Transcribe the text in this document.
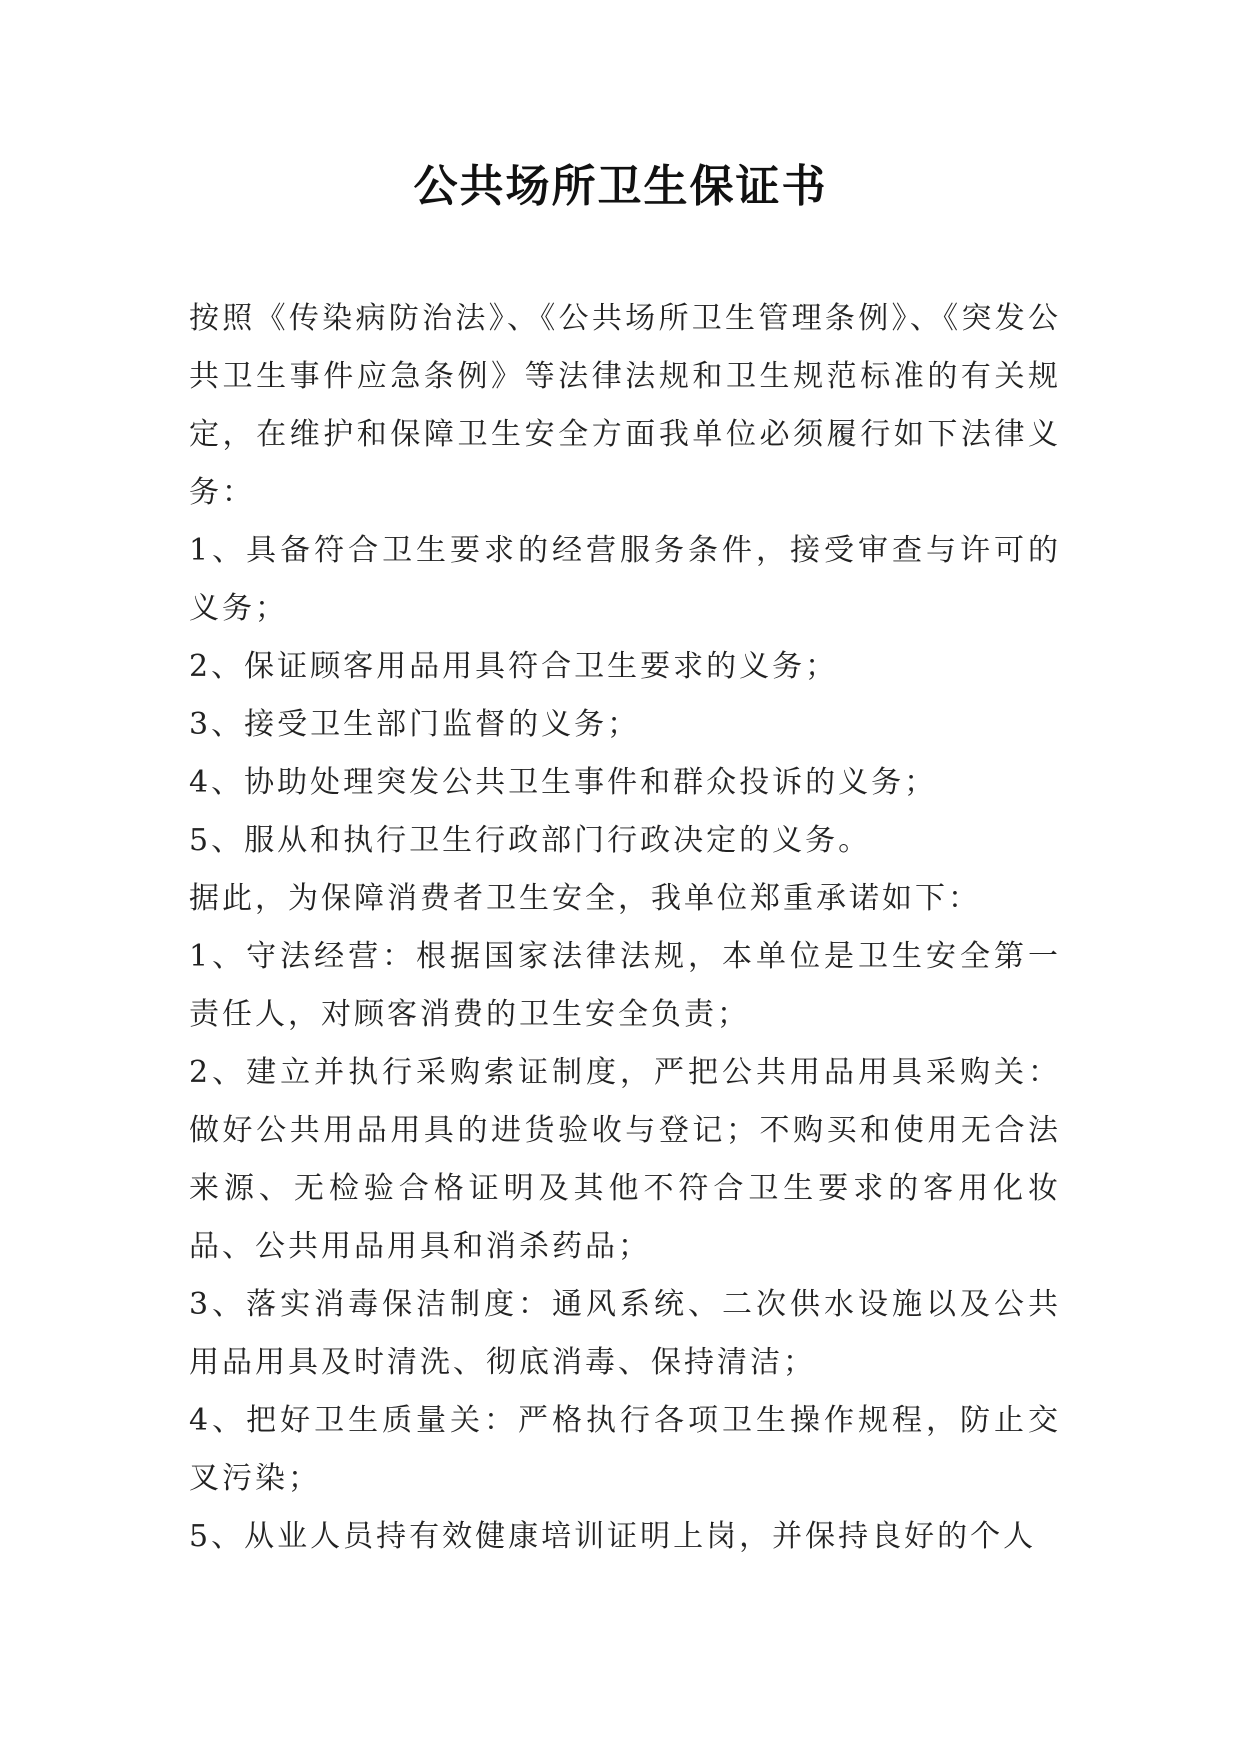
公共场所卫生保证书

按照《传染病防治法》、《公共场所卫生管理条例》、《突发公共卫生事件应急条例》等法律法规和卫生规范标准的有关规定，在维护和保障卫生安全方面我单位必须履行如下法律义务：

1、具备符合卫生要求的经营服务条件，接受审查与许可的义务；

2、保证顾客用品用具符合卫生要求的义务；

3、接受卫生部门监督的义务；

4、协助处理突发公共卫生事件和群众投诉的义务；

5、服从和执行卫生行政部门行政决定的义务。

据此，为保障消费者卫生安全，我单位郑重承诺如下：

1、守法经营：根据国家法律法规，本单位是卫生安全第一责任人，对顾客消费的卫生安全负责；

2、建立并执行采购索证制度，严把公共用品用具采购关：做好公共用品用具的进货验收与登记；不购买和使用无合法来源、无检验合格证明及其他不符合卫生要求的客用化妆品、公共用品用具和消杀药品；

3、落实消毒保洁制度：通风系统、二次供水设施以及公共用品用具及时清洗、彻底消毒、保持清洁；

4、把好卫生质量关：严格执行各项卫生操作规程，防止交叉污染；

5、从业人员持有效健康培训证明上岗，并保持良好的个人
